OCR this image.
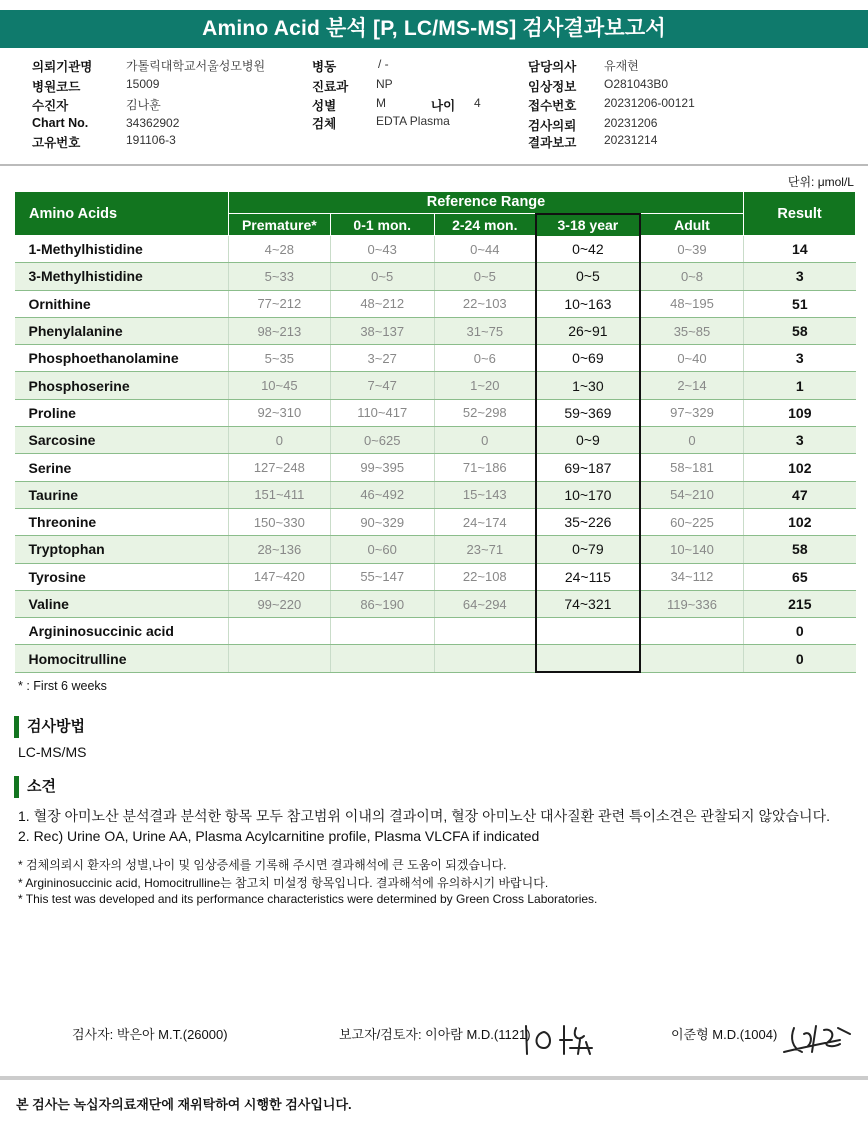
Amino Acid 분석 [P, LC/MS-MS] 검사결과보고서
의뢰기관명	가톨릭대학교서울성모병원
병원코드	15009
수진자	김나훈
Chart No.	34362902
고유번호	191106-3
병동	/ -
진료과 NP
성별	M	나이 4
검체	EDTA Plasma
담당의사 유재현
임상정보 O281043B0
접수번호 20231206-00121
검사의뢰 20231206
결과보고 20231214
단위: μmol/L
Amino Acids	Reference Range					Result
	Premature*	0-1 mon.	2-24 mon.	3-18 year	Adult	
1-Methylhistidine	4~28	0~43	0~44	0~42	0~39	14
3-Methylhistidine	5~33	0~5	0~5	0~5	0~8	3
Ornithine	77~212	48~212	22~103	10~163	48~195	51
Phenylalanine	98~213	38~137	31~75	26~91	35~85	58
Phosphoethanolamine	5~35	3~27	0~6	0~69	0~40	3
Phosphoserine	10~45	7~47	1~20	1~30	2~14	1
Proline	92~310	110~417	52~298	59~369	97~329	109
Sarcosine	0	0~625	0	0~9	0	3
Serine	127~248	99~395	71~186	69~187	58~181	102
Taurine	151~411	46~492	15~143	10~170	54~210	47
Threonine	150~330	90~329	24~174	35~226	60~225	102
Tryptophan	28~136	0~60	23~71	0~79	10~140	58
Tyrosine	147~420	55~147	22~108	24~115	34~112	65
Valine	99~220	86~190	64~294	74~321	119~336	215
Argininosuccinic acid						0
Homocitrulline						0
* : First 6 weeks
검사방법
LC-MS/MS
소견
1. 혈장 아미노산 분석결과 분석한 항목 모두 참고범위 이내의 결과이며, 혈장 아미노산 대사질환 관련 특이소견은 관찰되지 않았습니다.
2. Rec) Urine OA, Urine AA, Plasma Acylcarnitine profile, Plasma VLCFA if indicated
* 검체의뢰시 환자의 성별,나이 및 임상증세를 기록해 주시면 결과해석에 큰 도움이 되겠습니다.
* Argininosuccinic acid, Homocitrulline는 참고치 미설정 항목입니다. 결과해석에 유의하시기 바랍니다.
* This test was developed and its performance characteristics were determined by Green Cross Laboratories.
검사자: 박은아 M.T.(26000)	보고자/검토자: 이아람 M.D.(1121)	이준형 M.D.(1004)
본 검사는 녹십자의료재단에 재위탁하여 시행한 검사입니다.
